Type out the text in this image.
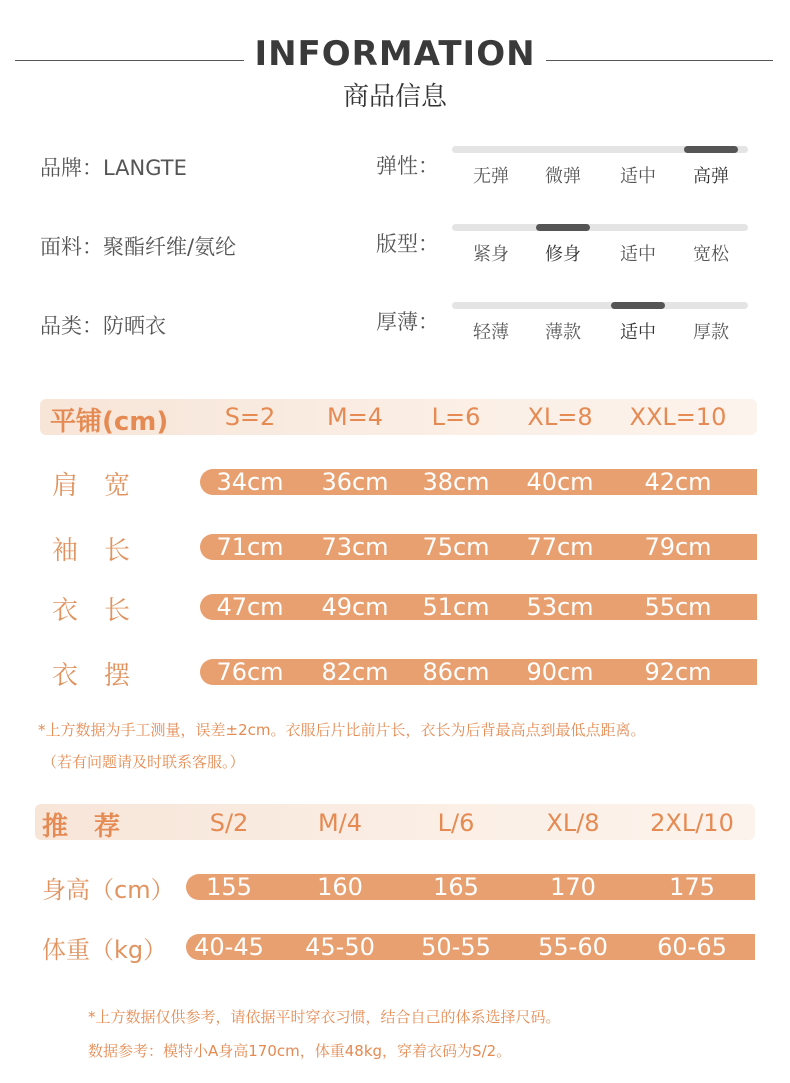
INFORMATION
商品信息
品牌：LANGTE
面料：聚酯纤维/氨纶
品类：防晒衣
弹性：	无弹	微弹	适中	高弹
版型：	紧身	修身	适中	宽松
厚薄：	轻薄	薄款	适中	厚款
平铺(cm)	S=2	M=4	L=6	XL=8	XXL=10
肩　宽	34cm	36cm	38cm	40cm	42cm
袖　长	71cm	73cm	75cm	77cm	79cm
衣　长	47cm	49cm	51cm	53cm	55cm
衣　摆	76cm	82cm	86cm	90cm	92cm
*上方数据为手工测量，误差±2cm。衣服后片比前片长，衣长为后背最高点到最低点距离。
（若有问题请及时联系客服。）
推　荐	S/2	M/4	L/6	XL/8	2XL/10
身高（cm）	155	160	165	170	175
体重（kg）	40-45	45-50	50-55	55-60	60-65
*上方数据仅供参考，请依据平时穿衣习惯，结合自己的体系选择尺码。
数据参考：模特小A身高170cm，体重48kg，穿着衣码为S/2。
